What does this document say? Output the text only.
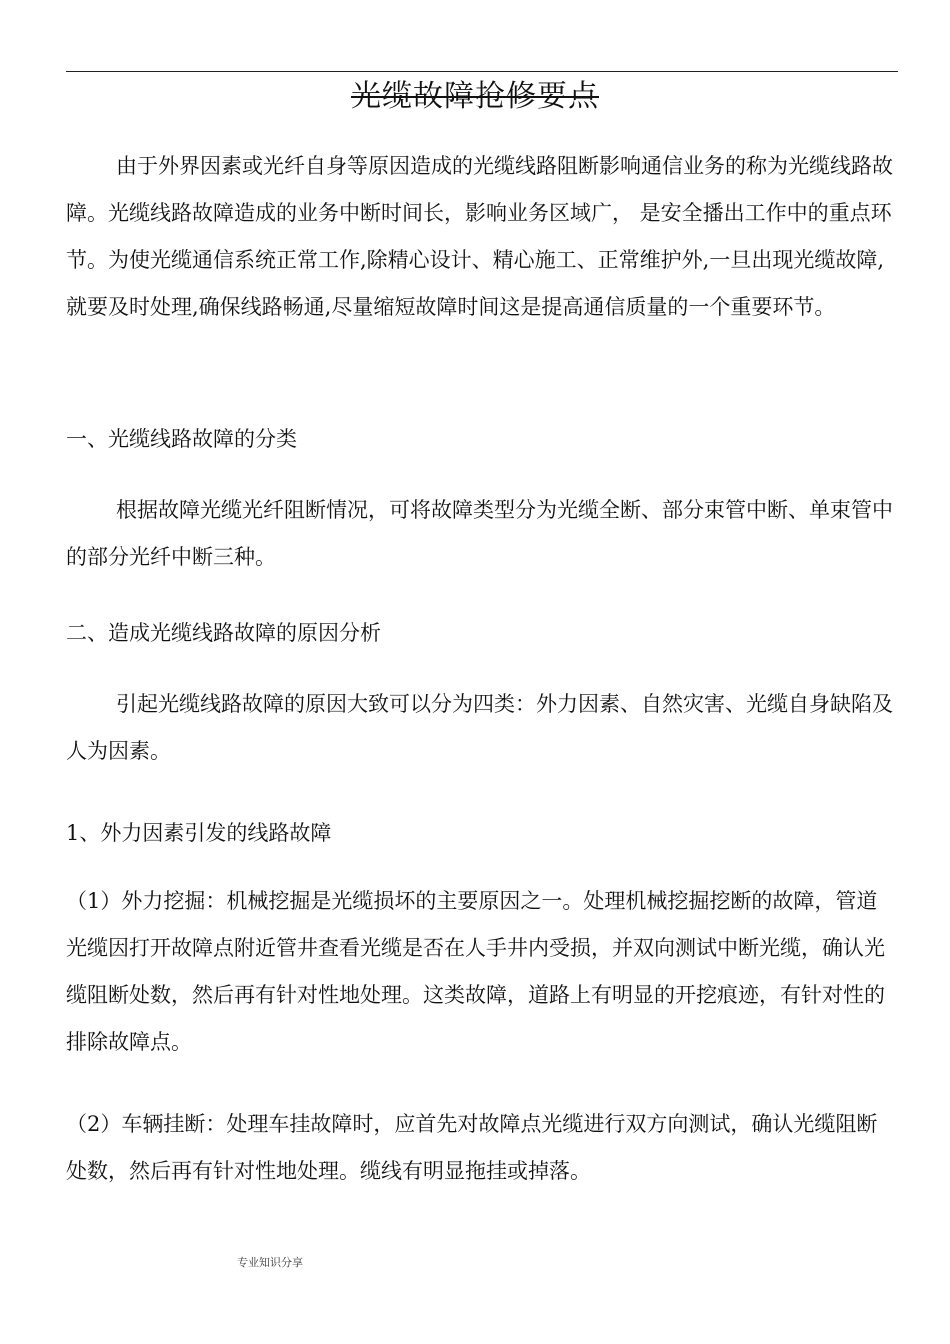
光缆故障抢修要点

由于外界因素或光纤自身等原因造成的光缆线路阻断影响通信业务的称为光缆线路故障。光缆线路故障造成的业务中断时间长，影响业务区域广， 是安全播出工作中的重点环节。为使光缆通信系统正常工作,除精心设计、精心施工、正常维护外,一旦出现光缆故障,就要及时处理,确保线路畅通,尽量缩短故障时间这是提高通信质量的一个重要环节。

一、光缆线路故障的分类

根据故障光缆光纤阻断情况，可将故障类型分为光缆全断、部分束管中断、单束管中的部分光纤中断三种。

二、造成光缆线路故障的原因分析

引起光缆线路故障的原因大致可以分为四类：外力因素、自然灾害、光缆自身缺陷及人为因素。

1、外力因素引发的线路故障

（1）外力挖掘：机械挖掘是光缆损坏的主要原因之一。处理机械挖掘挖断的故障，管道光缆因打开故障点附近管井查看光缆是否在人手井内受损，并双向测试中断光缆，确认光缆阻断处数，然后再有针对性地处理。这类故障，道路上有明显的开挖痕迹，有针对性的排除故障点。

（2）车辆挂断：处理车挂故障时，应首先对故障点光缆进行双方向测试，确认光缆阻断处数，然后再有针对性地处理。缆线有明显拖挂或掉落。

专业知识分享
